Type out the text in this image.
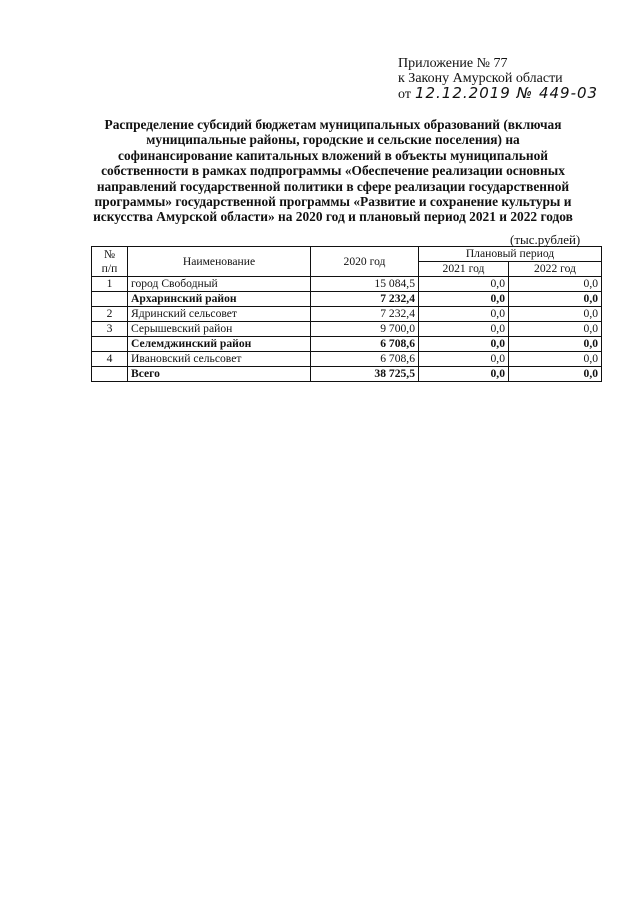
Приложение № 77
к Закону Амурской области
от 12.12.2019 № 449-03
Распределение субсидий бюджетам муниципальных образований (включая муниципальные районы, городские и сельские поселения) на софинансирование капитальных вложений в объекты муниципальной собственности в рамках подпрограммы «Обеспечение реализации основных направлений государственной политики в сфере реализации государственной программы» государственной программы «Развитие и сохранение культуры и искусства Амурской области» на 2020 год и плановый период 2021 и 2022 годов
(тыс.рублей)
№
п/п	Наименование	2020 год	Плановый период	
			2021 год	2022 год
1	город Свободный	15 084,5	0,0	0,0
	Архаринский район	7 232,4	0,0	0,0
2	Ядринский сельсовет	7 232,4	0,0	0,0
3	Серышевский район	9 700,0	0,0	0,0
	Селемджинский район	6 708,6	0,0	0,0
4	Ивановский сельсовет	6 708,6	0,0	0,0
	Всего	38 725,5	0,0	0,0
